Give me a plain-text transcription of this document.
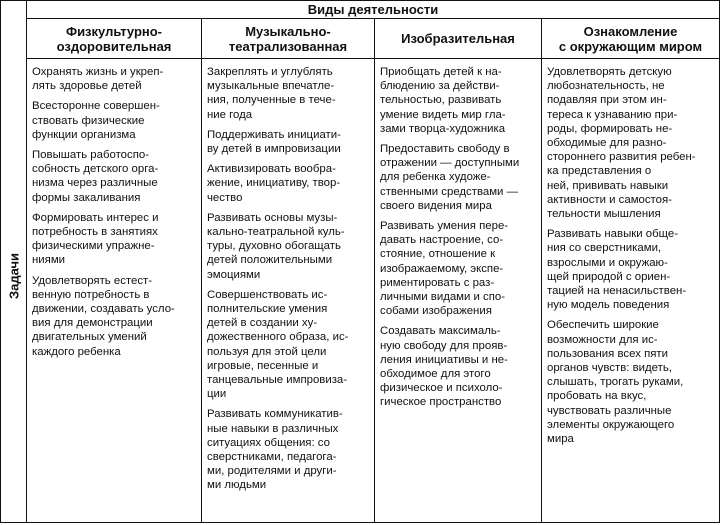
Задачи
Виды деятельности
Физкультурно-
оздоровительная
Музыкально-
театрализованная	Изобразительная	Ознакомление
с окружающим миром

Охранять жизнь и укреп-
лять здоровье детей

Всесторонне совершен-
ствовать физические
функции организма

Повышать работоспо-
собность детского орга-
низма через различные
формы закаливания

Формировать интерес и
потребность в занятиях
физическими упражне-
ниями

Удовлетворять естест-
венную потребность в
движении, создавать усло-
вия для демонстрации
двигательных умений
каждого ребенка

Закреплять и углублять
музыкальные впечатле-
ния, полученные в тече-
ние года

Поддерживать инициати-
ву детей в импровизации

Активизировать вообра-
жение, инициативу, твор-
чество

Развивать основы музы-
кально-театральной куль-
туры, духовно обогащать
детей положительными
эмоциями

Совершенствовать ис-
полнительские умения
детей в создании ху-
дожественного образа, ис-
пользуя для этой цели
игровые, песенные и
танцевальные импровиза-
ции

Развивать коммуникатив-
ные навыки в различных
ситуациях общения: со
сверстниками, педагога-
ми, родителями и други-
ми людьми

Приобщать детей к на-
блюдению за действи-
тельностью, развивать
умение видеть мир гла-
зами творца-художника

Предоставить свободу в
отражении — доступными
для ребенка художе-
ственными средствами —
своего видения мира

Развивать умения пере-
давать настроение, со-
стояние, отношение к
изображаемому, экспе-
риментировать с раз-
личными видами и спо-
собами изображения

Создавать максималь-
ную свободу для прояв-
ления инициативы и не-
обходимое для этого
физическое и психоло-
гическое пространство

Удовлетворять детскую
любознательность, не
подавляя при этом ин-
тереса к узнаванию при-
роды, формировать не-
обходимые для разно-
стороннего развития ребен-
ка представления о
ней, прививать навыки
активности и самостоя-
тельности мышления

Развивать навыки обще-
ния со сверстниками,
взрослыми и окружаю-
щей природой с ориен-
тацией на ненасильствен-
ную модель поведения

Обеспечить широкие
возможности для ис-
пользования всех пяти
органов чувств: видеть,
слышать, трогать руками,
пробовать на вкус,
чувствовать различные
элементы окружающего
мира
